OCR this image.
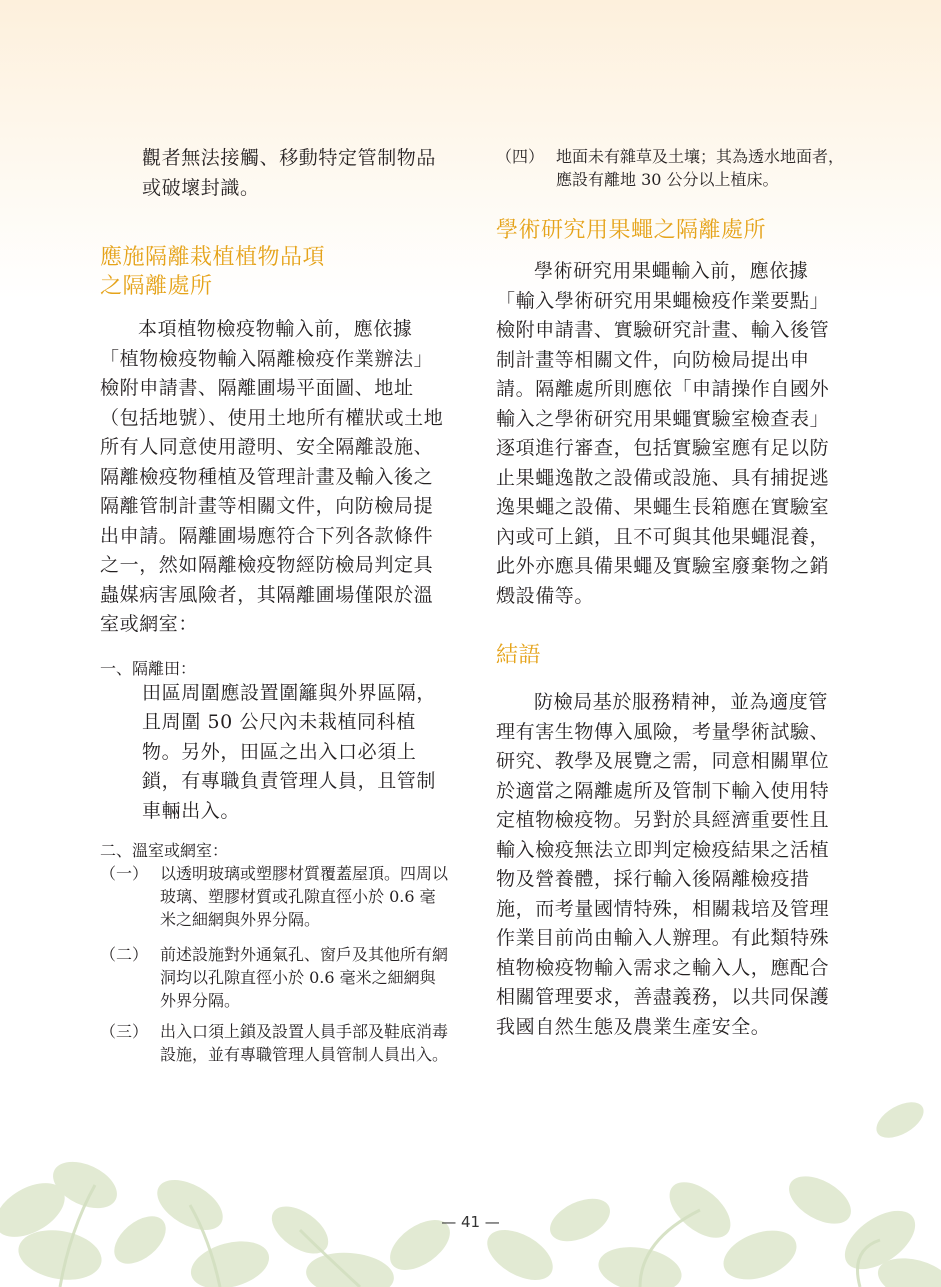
觀者無法接觸、移動特定管制物品或破壞封識。

應施隔離栽植植物品項
之隔離處所

本項植物檢疫物輸入前，應依據「植物檢疫物輸入隔離檢疫作業辦法」檢附申請書、隔離圃場平面圖、地址（包括地號）、使用土地所有權狀或土地所有人同意使用證明、安全隔離設施、隔離檢疫物種植及管理計畫及輸入後之隔離管制計畫等相關文件，向防檢局提出申請。隔離圃場應符合下列各款條件之一，然如隔離檢疫物經防檢局判定具蟲媒病害風險者，其隔離圃場僅限於溫室或網室：

一、 隔離田：

田區周圍應設置圍籬與外界區隔，且周圍 50 公尺內未栽植同科植物。另外，田區之出入口必須上鎖，有專職負責管理人員，且管制車輛出入。

二、 溫室或網室：
（一） 以透明玻璃或塑膠材質覆蓋屋頂。四周以玻璃、塑膠材質或孔隙直徑小於 0.6 毫米之細網與外界分隔。
（二） 前述設施對外通氣孔、窗戶及其他所有網洞均以孔隙直徑小於 0.6 毫米之細網與外界分隔。
（三） 出入口須上鎖及設置人員手部及鞋底消毒設施，並有專職管理人員管制人員出入。
（四） 地面未有雜草及土壤；其為透水地面者，應設有離地 30 公分以上植床。
學術研究用果蠅之隔離處所

學術研究用果蠅輸入前，應依據「輸入學術研究用果蠅檢疫作業要點」檢附申請書、實驗研究計畫、輸入後管制計畫等相關文件，向防檢局提出申請。隔離處所則應依「申請操作自國外輸入之學術研究用果蠅實驗室檢查表」逐項進行審查，包括實驗室應有足以防止果蠅逸散之設備或設施、具有捕捉逃逸果蠅之設備、果蠅生長箱應在實驗室內或可上鎖，且不可與其他果蠅混養，此外亦應具備果蠅及實驗室廢棄物之銷燬設備等。

結語

防檢局基於服務精神，並為適度管理有害生物傳入風險，考量學術試驗、研究、教學及展覽之需，同意相關單位於適當之隔離處所及管制下輸入使用特定植物檢疫物。另對於具經濟重要性且輸入檢疫無法立即判定檢疫結果之活植物及營養體，採行輸入後隔離檢疫措施，而考量國情特殊，相關栽培及管理作業目前尚由輸入人辦理。有此類特殊植物檢疫物輸入需求之輸入人，應配合相關管理要求，善盡義務，以共同保護我國自然生態及農業生產安全。

— 41 —
